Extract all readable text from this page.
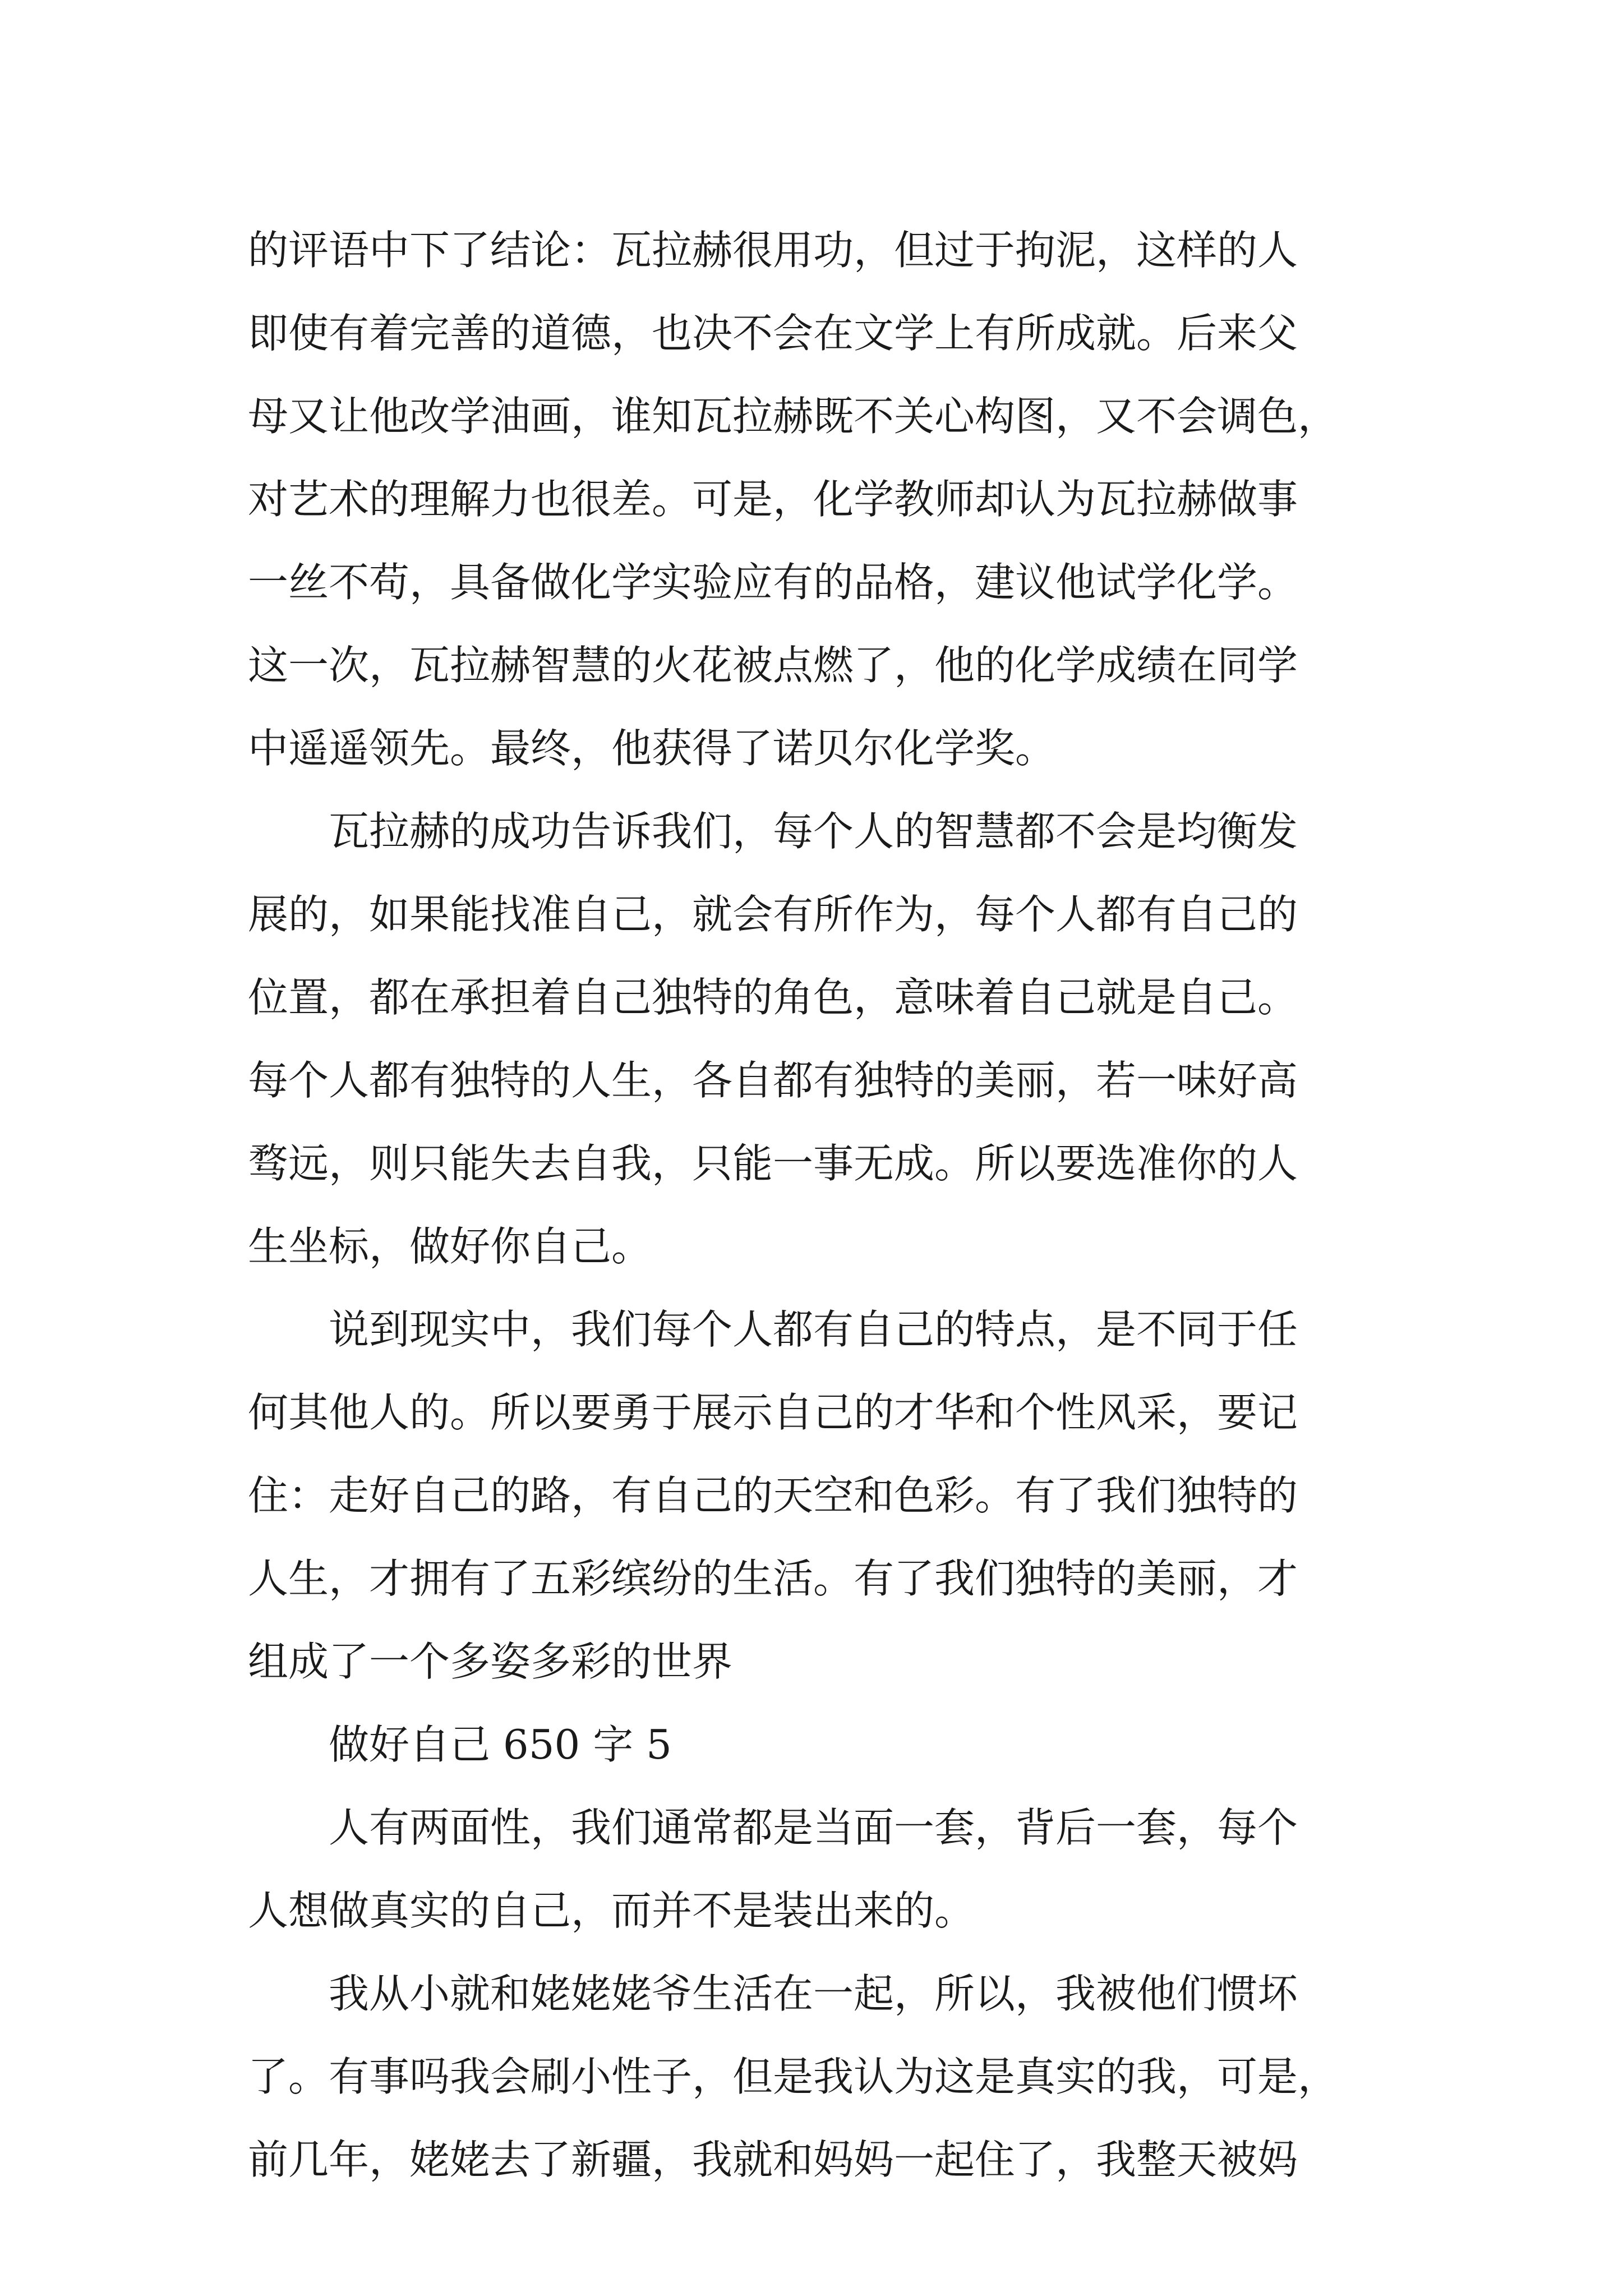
的评语中下了结论：瓦拉赫很用功，但过于拘泥，这样的人
即使有着完善的道德，也决不会在文学上有所成就。后来父
母又让他改学油画，谁知瓦拉赫既不关心构图，又不会调色，
对艺术的理解力也很差。可是，化学教师却认为瓦拉赫做事
一丝不苟，具备做化学实验应有的品格，建议他试学化学。
这一次，瓦拉赫智慧的火花被点燃了，他的化学成绩在同学
中遥遥领先。最终，他获得了诺贝尔化学奖。

　　瓦拉赫的成功告诉我们，每个人的智慧都不会是均衡发
展的，如果能找准自己，就会有所作为，每个人都有自己的
位置，都在承担着自己独特的角色，意味着自己就是自己。
每个人都有独特的人生，各自都有独特的美丽，若一味好高
骛远，则只能失去自我，只能一事无成。所以要选准你的人
生坐标，做好你自己。

　　说到现实中，我们每个人都有自己的特点，是不同于任
何其他人的。所以要勇于展示自己的才华和个性风采，要记
住：走好自己的路，有自己的天空和色彩。有了我们独特的
人生，才拥有了五彩缤纷的生活。有了我们独特的美丽，才
组成了一个多姿多彩的世界

　　做好自己 650 字 5

　　人有两面性，我们通常都是当面一套，背后一套，每个
人想做真实的自己，而并不是装出来的。

　　我从小就和姥姥姥爷生活在一起，所以，我被他们惯坏
了。有事吗我会刷小性子，但是我认为这是真实的我，可是，
前几年，姥姥去了新疆，我就和妈妈一起住了，我整天被妈
